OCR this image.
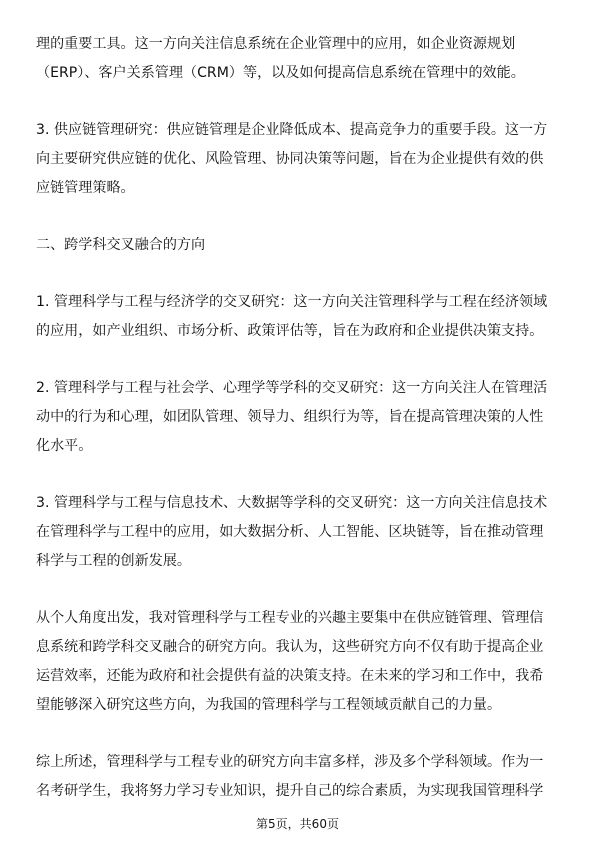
理的重要工具。这一方向关注信息系统在企业管理中的应用，如企业资源规划
（ERP）、客户关系管理（CRM）等，以及如何提高信息系统在管理中的效能。

3. 供应链管理研究：供应链管理是企业降低成本、提高竞争力的重要手段。这一方
向主要研究供应链的优化、风险管理、协同决策等问题，旨在为企业提供有效的供
应链管理策略。

二、跨学科交叉融合的方向

1. 管理科学与工程与经济学的交叉研究：这一方向关注管理科学与工程在经济领域
的应用，如产业组织、市场分析、政策评估等，旨在为政府和企业提供决策支持。

2. 管理科学与工程与社会学、心理学等学科的交叉研究：这一方向关注人在管理活
动中的行为和心理，如团队管理、领导力、组织行为等，旨在提高管理决策的人性
化水平。

3. 管理科学与工程与信息技术、大数据等学科的交叉研究：这一方向关注信息技术
在管理科学与工程中的应用，如大数据分析、人工智能、区块链等，旨在推动管理
科学与工程的创新发展。

从个人角度出发，我对管理科学与工程专业的兴趣主要集中在供应链管理、管理信
息系统和跨学科交叉融合的研究方向。我认为，这些研究方向不仅有助于提高企业
运营效率，还能为政府和社会提供有益的决策支持。在未来的学习和工作中，我希
望能够深入研究这些方向，为我国的管理科学与工程领域贡献自己的力量。

综上所述，管理科学与工程专业的研究方向丰富多样，涉及多个学科领域。作为一
名考研学生，我将努力学习专业知识，提升自己的综合素质，为实现我国管理科学

第5页，共60页
